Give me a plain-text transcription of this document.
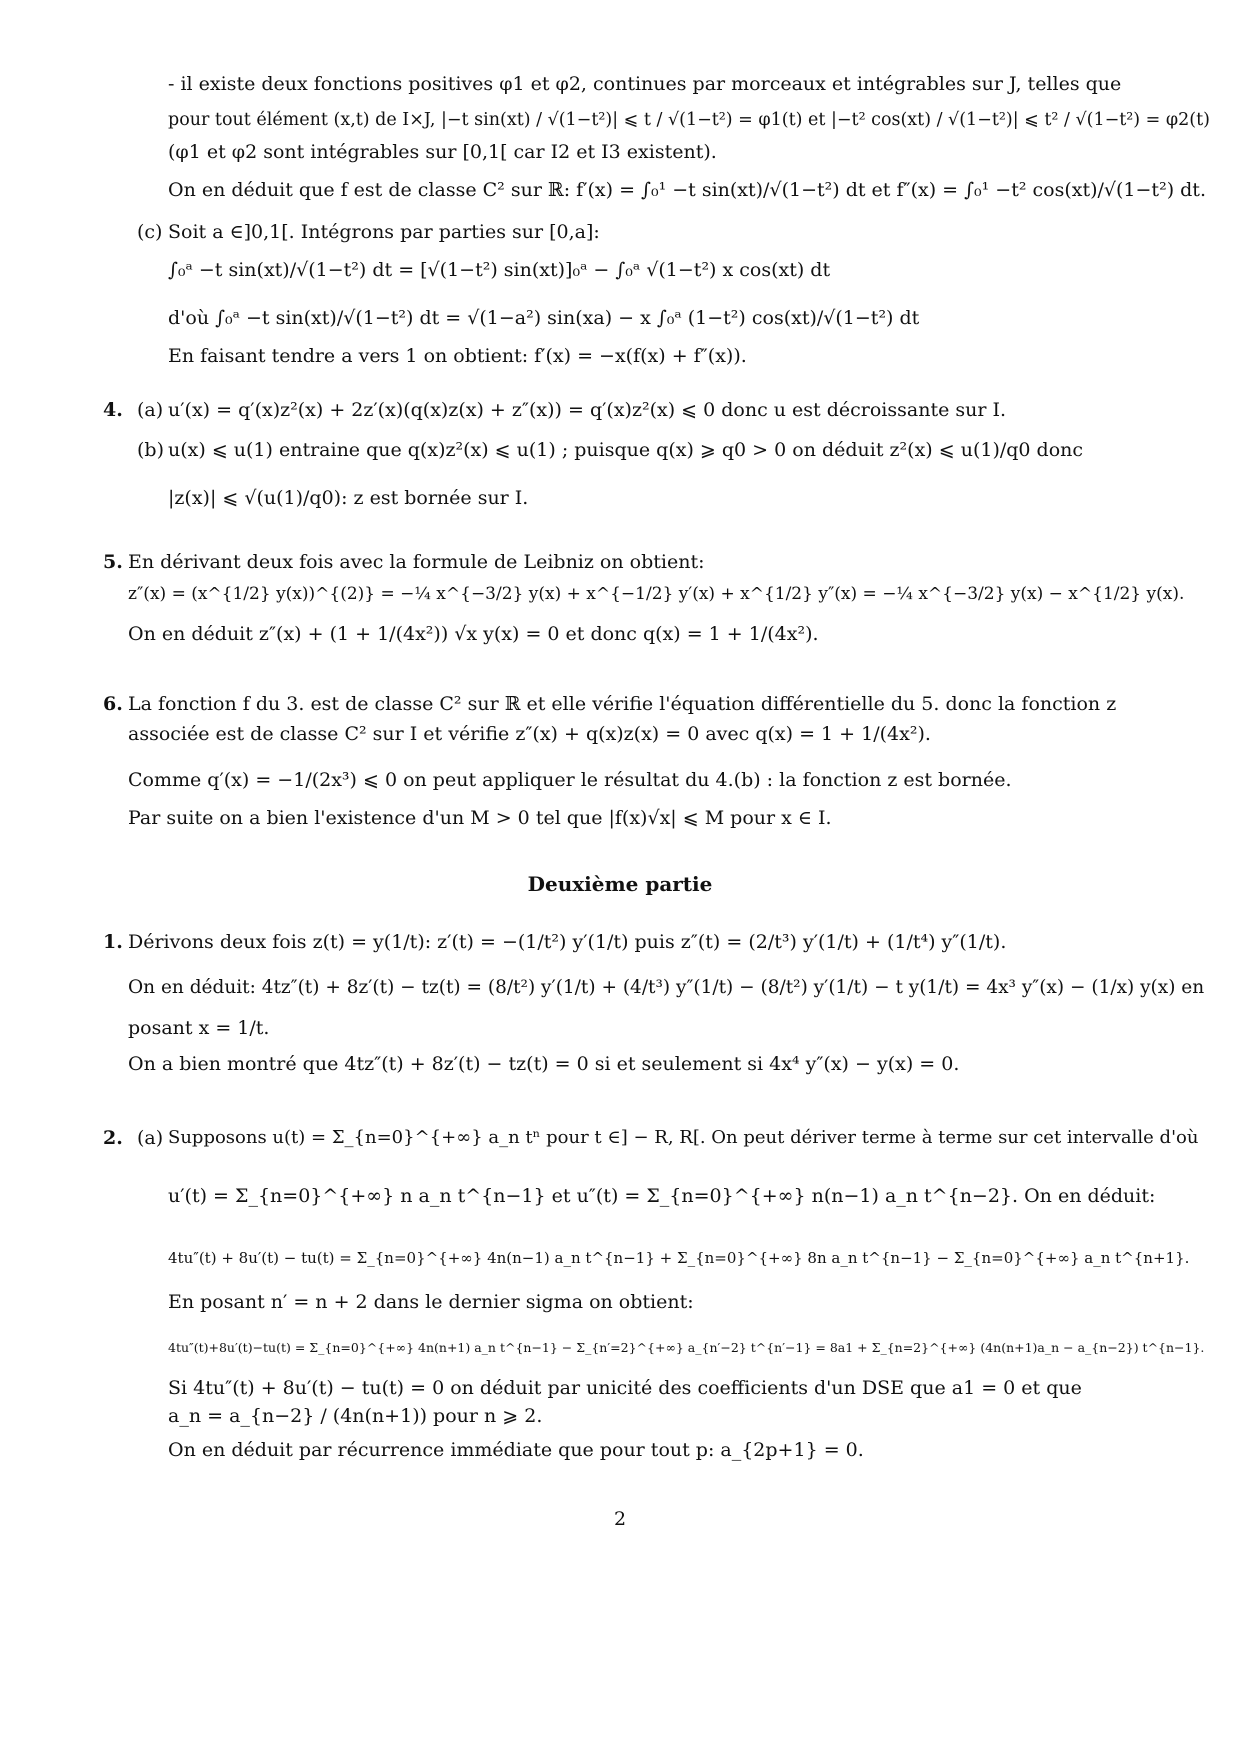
- il existe deux fonctions positives φ1 et φ2, continues par morceaux et intégrables sur J, telles que
pour tout élément (x,t) de I×J, |−t sin(xt) / √(1−t²)| ⩽ t / √(1−t²) = φ1(t) et |−t² cos(xt) / √(1−t²)| ⩽ t² / √(1−t²) = φ2(t)
(φ1 et φ2 sont intégrables sur [0,1[ car I2 et I3 existent).
On en déduit que f est de classe C² sur ℝ: f′(x) = ∫₀¹ −t sin(xt)/√(1−t²) dt et f″(x) = ∫₀¹ −t² cos(xt)/√(1−t²) dt.
(c) Soit a ∈]0,1[. Intégrons par parties sur [0,a]:
∫₀ᵃ −t sin(xt)/√(1−t²) dt = [√(1−t²) sin(xt)]₀ᵃ − ∫₀ᵃ √(1−t²) x cos(xt) dt
d'où ∫₀ᵃ −t sin(xt)/√(1−t²) dt = √(1−a²) sin(xa) − x ∫₀ᵃ (1−t²) cos(xt)/√(1−t²) dt
En faisant tendre a vers 1 on obtient: f′(x) = −x(f(x) + f″(x)).
4. (a) u′(x) = q′(x)z²(x) + 2z′(x)(q(x)z(x) + z″(x)) = q′(x)z²(x) ⩽ 0 donc u est décroissante sur I.
(b) u(x) ⩽ u(1) entraine que q(x)z²(x) ⩽ u(1) ; puisque q(x) ⩾ q0 > 0 on déduit z²(x) ⩽ u(1)/q0 donc
|z(x)| ⩽ √(u(1)/q0): z est bornée sur I.
5. En dérivant deux fois avec la formule de Leibniz on obtient:
z″(x) = (x^{1/2} y(x))^{(2)} = −¼ x^{−3/2} y(x) + x^{−1/2} y′(x) + x^{1/2} y″(x) = −¼ x^{−3/2} y(x) − x^{1/2} y(x).
On en déduit z″(x) + (1 + 1/(4x²)) √x y(x) = 0 et donc q(x) = 1 + 1/(4x²).
6. La fonction f du 3. est de classe C² sur ℝ et elle vérifie l'équation différentielle du 5. donc la fonction z
associée est de classe C² sur I et vérifie z″(x) + q(x)z(x) = 0 avec q(x) = 1 + 1/(4x²).
Comme q′(x) = −1/(2x³) ⩽ 0 on peut appliquer le résultat du 4.(b) : la fonction z est bornée.
Par suite on a bien l'existence d'un M > 0 tel que |f(x)√x| ⩽ M pour x ∈ I.
Deuxième partie
1. Dérivons deux fois z(t) = y(1/t): z′(t) = −(1/t²) y′(1/t) puis z″(t) = (2/t³) y′(1/t) + (1/t⁴) y″(1/t).
On en déduit: 4tz″(t) + 8z′(t) − tz(t) = (8/t²) y′(1/t) + (4/t³) y″(1/t) − (8/t²) y′(1/t) − t y(1/t) = 4x³ y″(x) − (1/x) y(x) en
posant x = 1/t.
On a bien montré que 4tz″(t) + 8z′(t) − tz(t) = 0 si et seulement si 4x⁴ y″(x) − y(x) = 0.
2. (a) Supposons u(t) = Σ_{n=0}^{+∞} a_n tⁿ pour t ∈] − R, R[. On peut dériver terme à terme sur cet intervalle d'où
u′(t) = Σ_{n=0}^{+∞} n a_n t^{n−1} et u″(t) = Σ_{n=0}^{+∞} n(n−1) a_n t^{n−2}. On en déduit:
4tu″(t) + 8u′(t) − tu(t) = Σ_{n=0}^{+∞} 4n(n−1) a_n t^{n−1} + Σ_{n=0}^{+∞} 8n a_n t^{n−1} − Σ_{n=0}^{+∞} a_n t^{n+1}.
En posant n′ = n + 2 dans le dernier sigma on obtient:
4tu″(t)+8u′(t)−tu(t) = Σ_{n=0}^{+∞} 4n(n+1) a_n t^{n−1} − Σ_{n′=2}^{+∞} a_{n′−2} t^{n′−1} = 8a1 + Σ_{n=2}^{+∞} (4n(n+1)a_n − a_{n−2}) t^{n−1}.
Si 4tu″(t) + 8u′(t) − tu(t) = 0 on déduit par unicité des coefficients d'un DSE que a1 = 0 et que
a_n = a_{n−2} / (4n(n+1)) pour n ⩾ 2.
On en déduit par récurrence immédiate que pour tout p: a_{2p+1} = 0.
2
